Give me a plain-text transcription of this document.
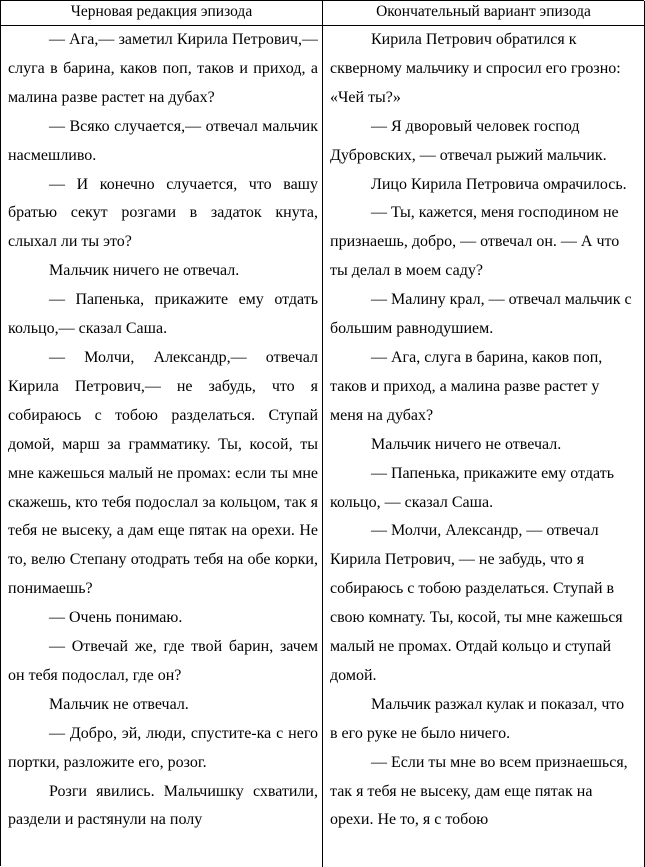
Черновая редакция эпизода	Окончательный вариант эпизода

— Ага,— заметил Кирила Петрович,— слуга в барина, каков поп, таков и приход, а малина разве растет на дубах?

— Всяко случается,— отвечал мальчик насмешливо.

— И конечно случается, что вашу братью секут розгами в задаток кнута, слыхал ли ты это?

Мальчик ничего не отвечал.

— Папенька, прикажите ему отдать кольцо,— сказал Саша.

— Молчи, Александр,— отвечал Кирила Петрович,— не забудь, что я собираюсь с тобою разделаться. Ступай домой, марш за грамматику. Ты, косой, ты мне кажешься малый не промах: если ты мне скажешь, кто тебя подослал за кольцом, так я тебя не высеку, а дам еще пятак на орехи. Не то, велю Степану отодрать тебя на обе корки, понимаешь?

— Очень понимаю.

— Отвечай же, где твой барин, зачем он тебя подослал, где он?

Мальчик не отвечал.

— Добро, эй, люди, спустите-ка с него портки, разложите его, розог.

Розги явились. Мальчишку схватили, раздели и растянули на полу

Кирила Петрович обратился к скверному мальчику и спросил его грозно: «Чей ты?»

— Я дворовый человек господ Дубровских, — отвечал рыжий мальчик.

Лицо Кирила Петровича омрачилось.

— Ты, кажется, меня господином не признаешь, добро, — отвечал он. — А что ты делал в моем саду?

— Малину крал, — отвечал мальчик с большим равнодушием.

— Ага, слуга в барина, каков поп, таков и приход, а малина разве растет у меня на дубах?

Мальчик ничего не отвечал.

— Папенька, прикажите ему отдать кольцо, — сказал Саша.

— Молчи, Александр, — отвечал Кирила Петрович, — не забудь, что я собираюсь с тобою разделаться. Ступай в свою комнату. Ты, косой, ты мне кажешься малый не промах. Отдай кольцо и ступай домой.

Мальчик разжал кулак и показал, что в его руке не было ничего.

— Если ты мне во всем признаешься, так я тебя не высеку, дам еще пятак на орехи. Не то, я с тобою
